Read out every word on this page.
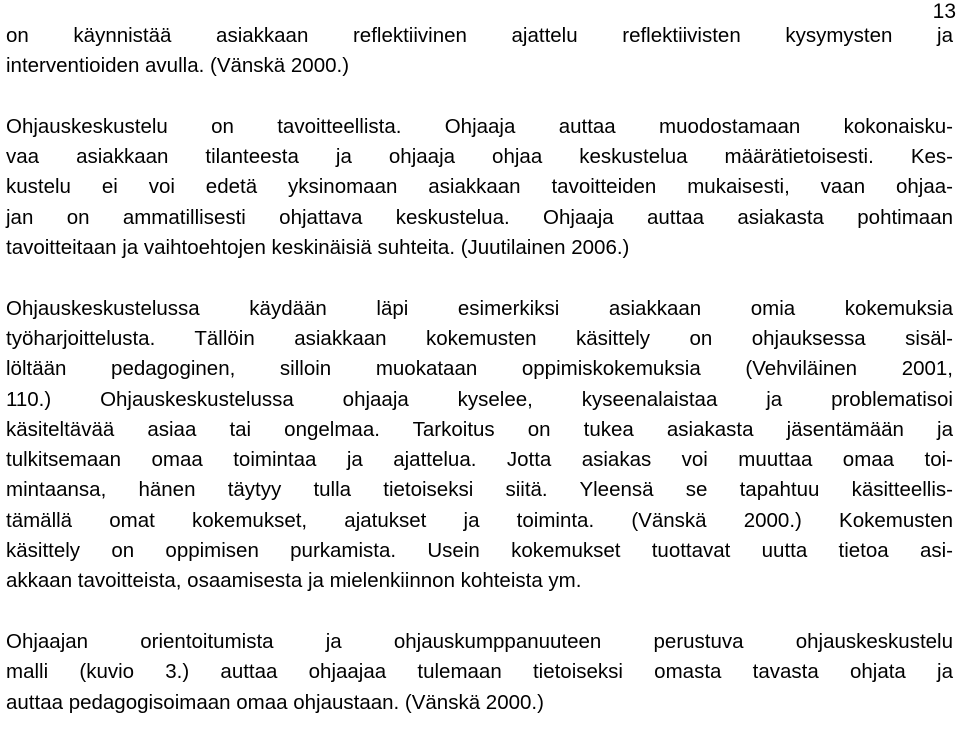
13
on käynnistää asiakkaan reflektiivinen ajattelu reflektiivisten kysymysten ja
interventioiden avulla. (Vänskä 2000.)
Ohjauskeskustelu on tavoitteellista. Ohjaaja auttaa muodostamaan kokonaisku-
vaa asiakkaan tilanteesta ja ohjaaja ohjaa keskustelua määrätietoisesti. Kes-
kustelu ei voi edetä yksinomaan asiakkaan tavoitteiden mukaisesti, vaan ohjaa-
jan on ammatillisesti ohjattava keskustelua. Ohjaaja auttaa asiakasta pohtimaan
tavoitteitaan ja vaihtoehtojen keskinäisiä suhteita. (Juutilainen 2006.)
Ohjauskeskustelussa käydään läpi esimerkiksi asiakkaan omia kokemuksia
työharjoittelusta. Tällöin asiakkaan kokemusten käsittely on ohjauksessa sisäl-
löltään pedagoginen, silloin muokataan oppimiskokemuksia (Vehviläinen 2001,
110.) Ohjauskeskustelussa ohjaaja kyselee, kyseenalaistaa ja problematisoi
käsiteltävää asiaa tai ongelmaa. Tarkoitus on tukea asiakasta jäsentämään ja
tulkitsemaan omaa toimintaa ja ajattelua. Jotta asiakas voi muuttaa omaa toi-
mintaansa, hänen täytyy tulla tietoiseksi siitä. Yleensä se tapahtuu käsitteellis-
tämällä omat kokemukset, ajatukset ja toiminta. (Vänskä 2000.) Kokemusten
käsittely on oppimisen purkamista. Usein kokemukset tuottavat uutta tietoa asi-
akkaan tavoitteista, osaamisesta ja mielenkiinnon kohteista ym.
Ohjaajan orientoitumista ja ohjauskumppanuuteen perustuva ohjauskeskustelu
malli (kuvio 3.) auttaa ohjaajaa tulemaan tietoiseksi omasta tavasta ohjata ja
auttaa pedagogisoimaan omaa ohjaustaan. (Vänskä 2000.)
